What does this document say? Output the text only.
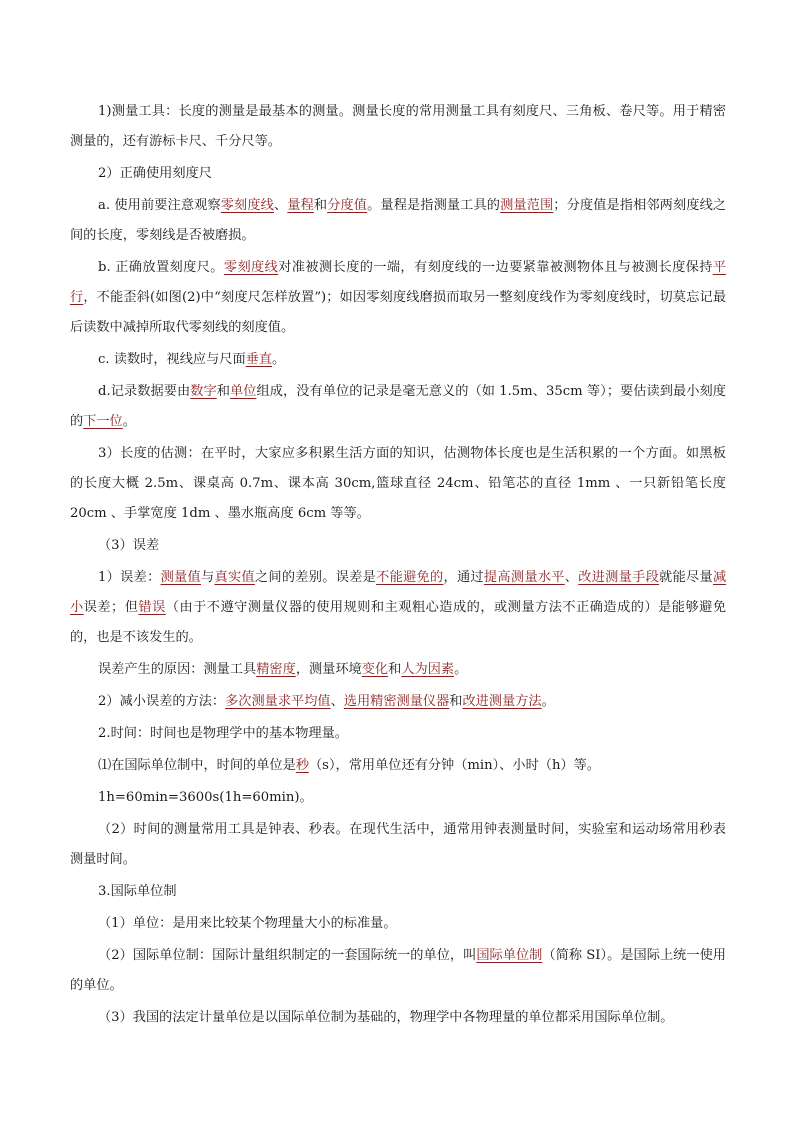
1)测量工具：长度的测量是最基本的测量。测量长度的常用测量工具有刻度尺、三角板、卷尺等。用于精密测量的，还有游标卡尺、千分尺等。

2）正确使用刻度尺

a. 使用前要注意观察零刻度线、量程和分度值。量程是指测量工具的测量范围；分度值是指相邻两刻度线之间的长度，零刻线是否被磨损。

b. 正确放置刻度尺。零刻度线对准被测长度的一端，有刻度线的一边要紧靠被测物体且与被测长度保持平行，不能歪斜(如图(2)中“刻度尺怎样放置”)；如因零刻度线磨损而取另一整刻度线作为零刻度线时，切莫忘记最后读数中减掉所取代零刻线的刻度值。

c. 读数时，视线应与尺面垂直。

d.记录数据要由数字和单位组成，没有单位的记录是毫无意义的（如 1.5m、35cm 等）；要估读到最小刻度的下一位。

3）长度的估测：在平时，大家应多积累生活方面的知识，估测物体长度也是生活积累的一个方面。如黑板的长度大概 2.5m、课桌高 0.7m、课本高 30cm,篮球直径 24cm、铅笔芯的直径 1mm 、一只新铅笔长度 20cm 、手掌宽度 1dm 、墨水瓶高度 6cm 等等。

（3）误差

1）误差：测量值与真实值之间的差别。误差是不能避免的，通过提高测量水平、改进测量手段就能尽量减小误差；但错误（由于不遵守测量仪器的使用规则和主观粗心造成的，或测量方法不正确造成的）是能够避免的，也是不该发生的。

误差产生的原因：测量工具精密度，测量环境变化和人为因素。

2）减小误差的方法：多次测量求平均值、选用精密测量仪器和改进测量方法。

2.时间：时间也是物理学中的基本物理量。

⑴在国际单位制中，时间的单位是秒（s），常用单位还有分钟（min）、小时（h）等。

1h=60min=3600s(1h=60min)。

（2）时间的测量常用工具是钟表、秒表。在现代生活中，通常用钟表测量时间，实验室和运动场常用秒表测量时间。

3.国际单位制

（1）单位：是用来比较某个物理量大小的标准量。

（2）国际单位制：国际计量组织制定的一套国际统一的单位，叫国际单位制（简称 SI）。是国际上统一使用的单位。

（3）我国的法定计量单位是以国际单位制为基础的，物理学中各物理量的单位都采用国际单位制。
